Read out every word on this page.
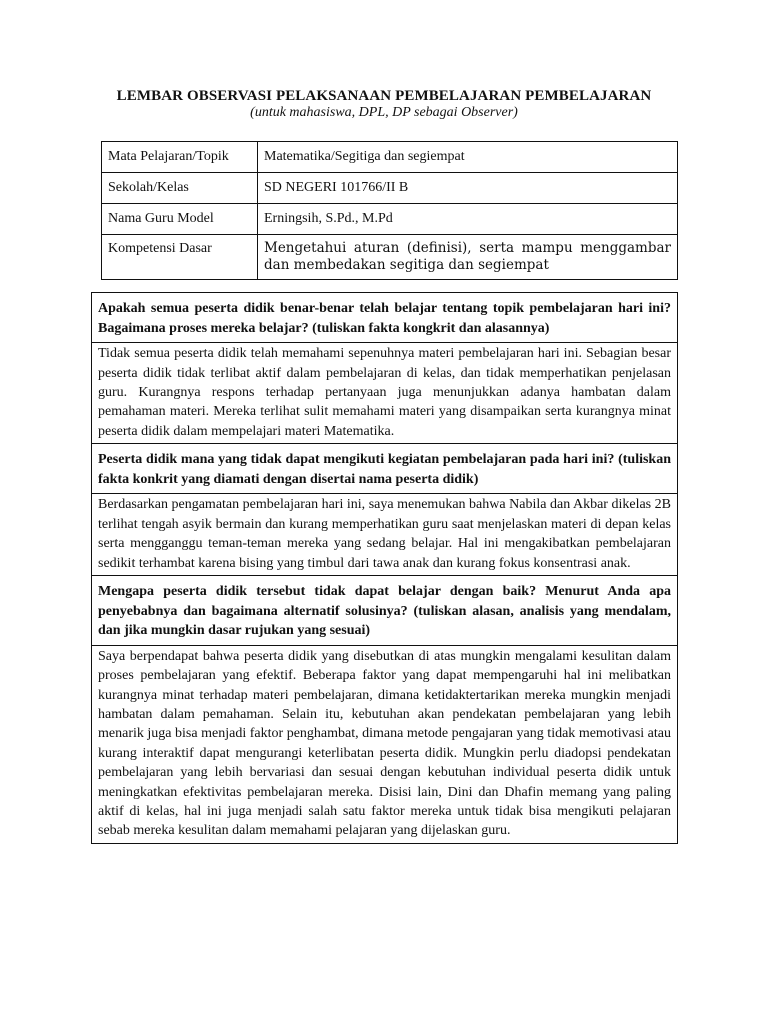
LEMBAR OBSERVASI PELAKSANAAN PEMBELAJARAN PEMBELAJARAN
(untuk mahasiswa, DPL, DP sebagai Observer)
Mata Pelajaran/Topik	Matematika/Segitiga dan segiempat
Sekolah/Kelas	SD NEGERI 101766/II B
Nama Guru Model	Erningsih, S.Pd., M.Pd
Kompetensi Dasar	Mengetahui aturan (definisi), serta mampu menggambar dan membedakan segitiga dan segiempat
Apakah semua peserta didik benar-benar telah belajar tentang topik pembelajaran hari ini? Bagaimana proses mereka belajar? (tuliskan fakta kongkrit dan alasannya)
Tidak semua peserta didik telah memahami sepenuhnya materi pembelajaran hari ini. Sebagian besar peserta didik tidak terlibat aktif dalam pembelajaran di kelas, dan tidak memperhatikan penjelasan guru. Kurangnya respons terhadap pertanyaan juga menunjukkan adanya hambatan dalam pemahaman materi. Mereka terlihat sulit memahami materi yang disampaikan serta kurangnya minat peserta didik dalam mempelajari materi Matematika.
Peserta didik mana yang tidak dapat mengikuti kegiatan pembelajaran pada hari ini? (tuliskan fakta konkrit yang diamati dengan disertai nama peserta didik)
Berdasarkan pengamatan pembelajaran hari ini, saya menemukan bahwa Nabila dan Akbar dikelas 2B terlihat tengah asyik bermain dan kurang memperhatikan guru saat menjelaskan materi di depan kelas serta mengganggu teman-teman mereka yang sedang belajar. Hal ini mengakibatkan pembelajaran sedikit terhambat karena bising yang timbul dari tawa anak dan kurang fokus konsentrasi anak.
Mengapa peserta didik tersebut tidak dapat belajar dengan baik? Menurut Anda apa penyebabnya dan bagaimana alternatif solusinya? (tuliskan alasan, analisis yang mendalam, dan jika mungkin dasar rujukan yang sesuai)
Saya berpendapat bahwa peserta didik yang disebutkan di atas mungkin mengalami kesulitan dalam proses pembelajaran yang efektif. Beberapa faktor yang dapat mempengaruhi hal ini melibatkan kurangnya minat terhadap materi pembelajaran, dimana ketidaktertarikan mereka mungkin menjadi hambatan dalam pemahaman. Selain itu, kebutuhan akan pendekatan pembelajaran yang lebih menarik juga bisa menjadi faktor penghambat, dimana metode pengajaran yang tidak memotivasi atau kurang interaktif dapat mengurangi keterlibatan peserta didik. Mungkin perlu diadopsi pendekatan pembelajaran yang lebih bervariasi dan sesuai dengan kebutuhan individual peserta didik untuk meningkatkan efektivitas pembelajaran mereka. Disisi lain, Dini dan Dhafin memang yang paling aktif di kelas, hal ini juga menjadi salah satu faktor mereka untuk tidak bisa mengikuti pelajaran sebab mereka kesulitan dalam memahami pelajaran yang dijelaskan guru.
